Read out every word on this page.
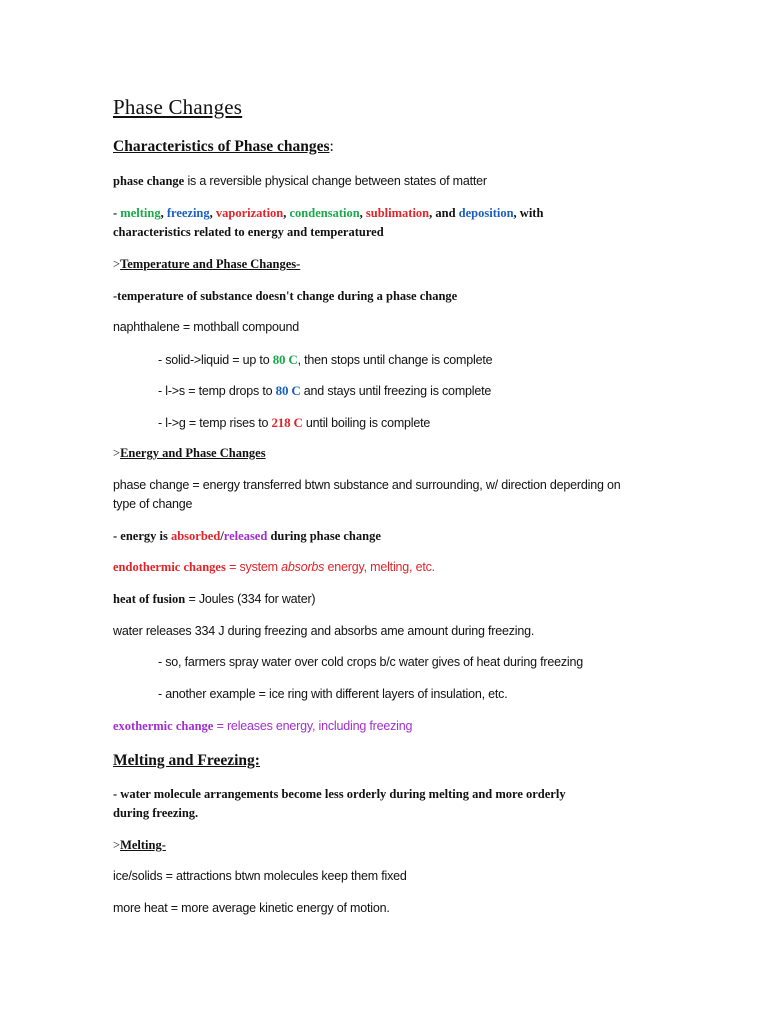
Phase Changes
Characteristics of Phase changes:
phase change is a reversible physical change between states of matter
- melting, freezing, vaporization, condensation, sublimation, and deposition, with
characteristics related to energy and temperatured
>Temperature and Phase Changes-
-temperature of substance doesn't change during a phase change
naphthalene = mothball compound
- solid->liquid = up to 80 C, then stops until change is complete
- l->s = temp drops to 80 C and stays until freezing is complete
- l->g = temp rises to 218 C until boiling is complete
>Energy and Phase Changes
phase change = energy transferred btwn substance and surrounding, w/ direction deperding on
type of change
- energy is absorbed/released during phase change
endothermic changes = system absorbs energy, melting, etc.
heat of fusion = Joules (334 for water)
water releases 334 J during freezing and absorbs ame amount during freezing.
- so, farmers spray water over cold crops b/c water gives of heat during freezing
- another example = ice ring with different layers of insulation, etc.
exothermic change = releases energy, including freezing
Melting and Freezing:
- water molecule arrangements become less orderly during melting and more orderly
during freezing.
>Melting-
ice/solids = attractions btwn molecules keep them fixed
more heat = more average kinetic energy of motion.
